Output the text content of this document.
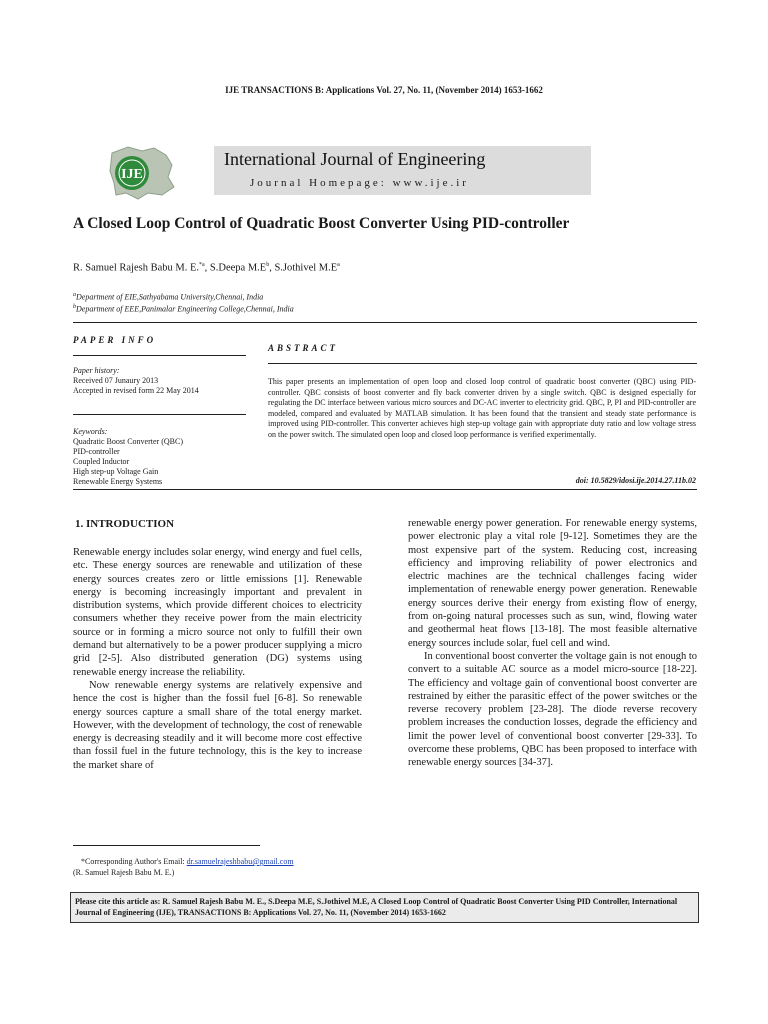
IJE TRANSACTIONS B: Applications Vol. 27, No. 11, (November 2014) 1653-1662
IJE
International Journal of Engineering
Journal Homepage: www.ije.ir
A Closed Loop Control of Quadratic Boost Converter Using PID-controller
R. Samuel Rajesh Babu M. E.$^{*a}$, S.Deepa $M.E^b$, S.Jothivel $M.E^a$
$^a$Department of EIE,Sathyabama University,Chennai, India
$^b$Department of EEE,Panimalar Engineering College,Chennai, India
PAPER INFO
Paper history:
Received 07 Junaury 2013
Accepted in revised form 22 May 2014
Keywords:
Quadratic Boost Converter (QBC)
PID-controller
Coupled Inductor
High step-up Voltage Gain
Renewable Energy Systems
ABSTRACT
This paper presents an implementation of open loop and closed loop control of quadratic boost converter (QBC) using PID-controller. QBC consists of boost converter and fly back converter driven by a single switch. QBC is designed especially for regulating the DC interface between various micro sources and DC-AC inverter to electricity grid. QBC, P, PI and PID-controller are modeled, compared and evaluated by MATLAB simulation. It has been found that the transient and steady state performance is improved using PID-controller. This converter achieves high step-up voltage gain with appropriate duty ratio and low voltage stress on the power switch. The simulated open loop and closed loop performance is verified experimentally.
doi: 10.5829/idosi.ije.2014.27.11b.02
1. INTRODUCTION

Renewable energy includes solar energy, wind energy and fuel cells, etc. These energy sources are renewable and utilization of these energy sources creates zero or little emissions [1]. Renewable energy is becoming increasingly important and prevalent in distribution systems, which provide different choices to electricity consumers whether they receive power from the main electricity source or in forming a micro source not only to fulfill their own demand but alternatively to be a power producer supplying a micro grid [2-5]. Also distributed generation (DG) systems using renewable energy increase the reliability.

Now renewable energy systems are relatively expensive and hence the cost is higher than the fossil fuel [6-8]. So renewable energy sources capture a small share of the total energy market. However, with the development of technology, the cost of renewable energy is decreasing steadily and it will become more cost effective than fossil fuel in the future technology, this is the key to increase the market share of

renewable energy power generation. For renewable energy systems, power electronic play a vital role [9-12]. Sometimes they are the most expensive part of the system. Reducing cost, increasing efficiency and improving reliability of power electronics and electric machines are the technical challenges facing wider implementation of renewable energy power generation. Renewable energy sources derive their energy from existing flow of energy, from on-going natural processes such as sun, wind, flowing water and geothermal heat flows [13-18]. The most feasible alternative energy sources include solar, fuel cell and wind.

In conventional boost converter the voltage gain is not enough to convert to a suitable AC source as a model micro-source [18-22]. The efficiency and voltage gain of conventional boost converter are restrained by either the parasitic effect of the power switches or the reverse recovery problem [23-28]. The diode reverse recovery problem increases the conduction losses, degrade the efficiency and limit the power level of conventional boost converter [29-33]. To overcome these problems, QBC has been proposed to interface with renewable energy sources [34-37].

*Corresponding Author's Email: dr.samuelrajeshbabu@gmail.com
(R. Samuel Rajesh Babu M. E.)
Please cite this article as: R. Samuel Rajesh Babu M. E., S.Deepa M.E, S.Jothivel M.E, A Closed Loop Control of Quadratic Boost Converter Using PID Controller, International Journal of Engineering (IJE), TRANSACTIONS B: Applications Vol. 27, No. 11, (November 2014) 1653-1662
